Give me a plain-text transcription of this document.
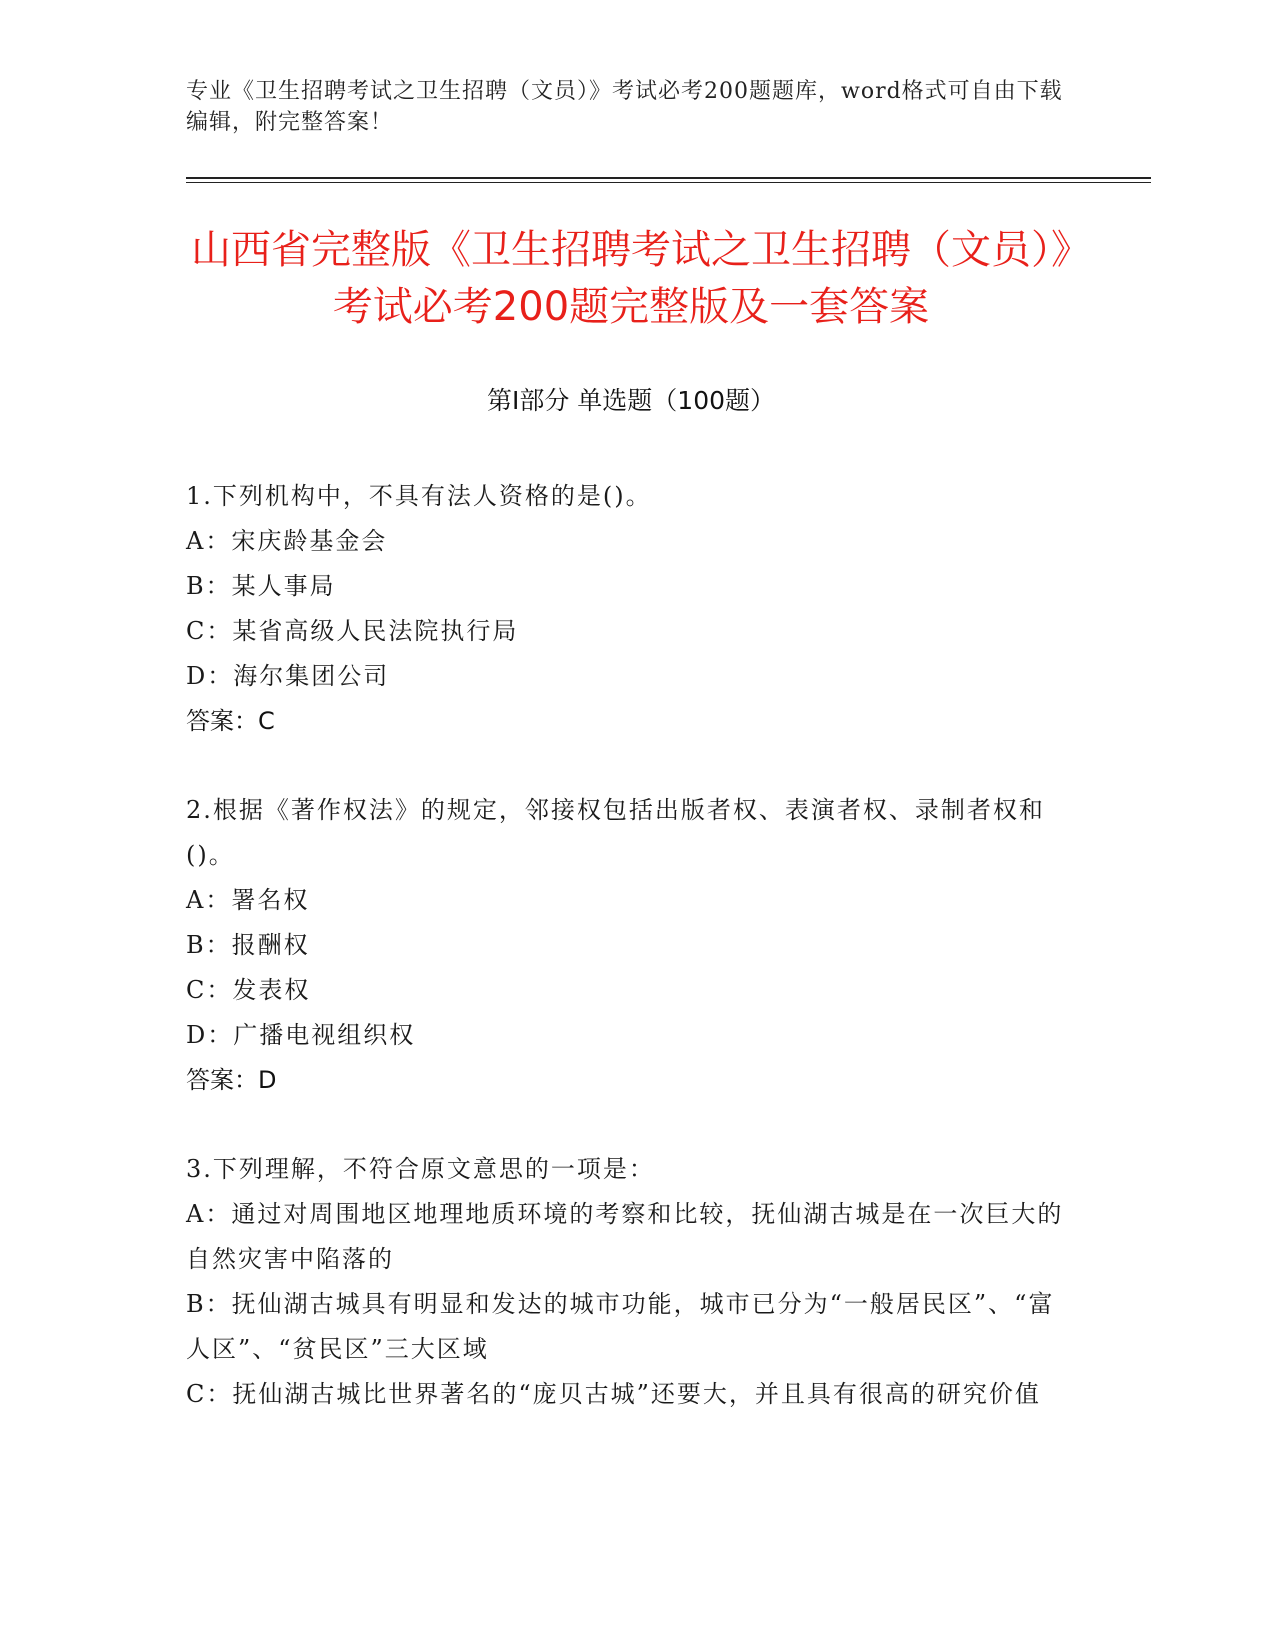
专业《卫生招聘考试之卫生招聘（文员）》考试必考200题题库，word格式可自由下载编辑，附完整答案！
山西省完整版《卫生招聘考试之卫生招聘（文员）》考试必考200题完整版及一套答案
第Ⅰ部分 单选题（100题）

1.下列机构中，不具有法人资格的是()。

A：宋庆龄基金会

B：某人事局

C：某省高级人民法院执行局

D：海尔集团公司

答案：C

2.根据《著作权法》的规定，邻接权包括出版者权、表演者权、录制者权和()。

A：署名权

B：报酬权

C：发表权

D：广播电视组织权

答案：D

3.下列理解，不符合原文意思的一项是：

A：通过对周围地区地理地质环境的考察和比较，抚仙湖古城是在一次巨大的自然灾害中陷落的

B：抚仙湖古城具有明显和发达的城市功能，城市已分为“一般居民区”、“富人区”、“贫民区”三大区域

C：抚仙湖古城比世界著名的“庞贝古城”还要大，并且具有很高的研究价值
